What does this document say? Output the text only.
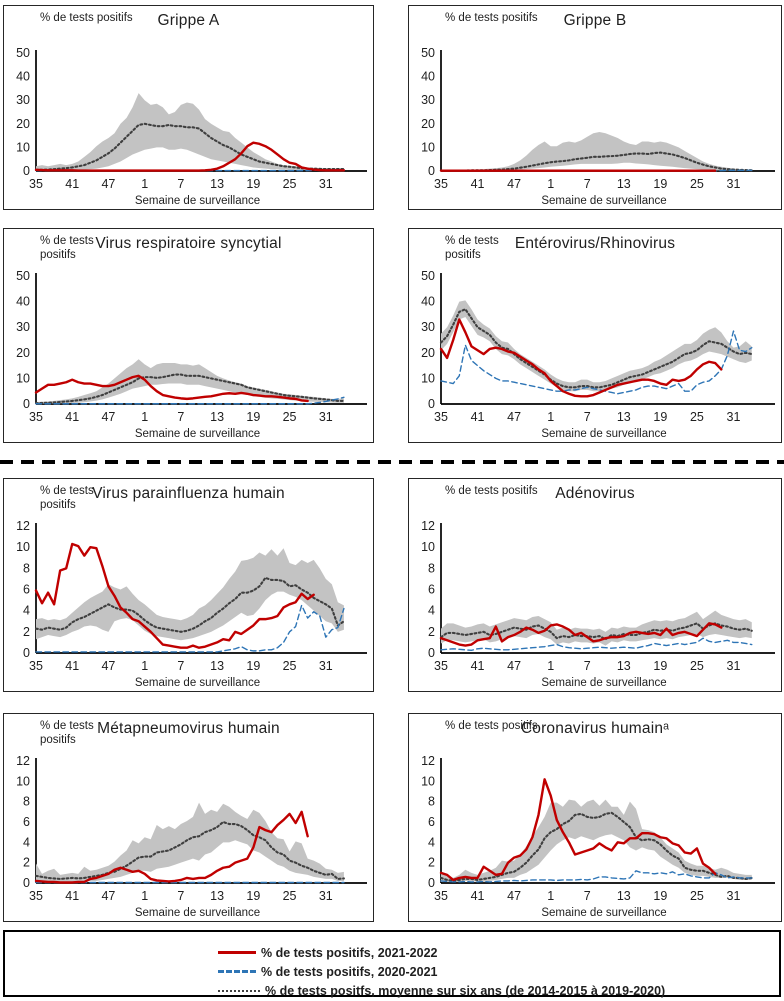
% de tests positifs	Grippe A
0
10
20
30
40
50
35 41 47 1 7 13 19 25 31
Semaine de surveillance
% de tests positifs	Grippe B
0
10
20
30
40
50
35 41 47 1 7 13 19 25 31
Semaine de surveillance
% de tests positifs
Virus respiratoire syncytial
0
10
20
30
40
50
35 41 47 1 7 13 19 25 31
Semaine de surveillance
% de tests positifs
Entérovirus/Rhinovirus
0
10
20
30
40
50
35 41 47 1 7 13 19 25 31
Semaine de surveillance
% de tests positifs
Virus parainfluenza humain
0
2
4
6
8
10
12
35 41 47 1 7 13 19 25 31
Semaine de surveillance
% de tests positifs	Adénovirus
0
2
4
6
8
10
12
35 41 47 1 7 13 19 25 31
Semaine de surveillance
% de tests positifs
Métapneumovirus humain
0
2
4
6
8
10
12
35 41 47 1 7 13 19 25 31
Semaine de surveillance
% de tests positifs
Coronavirus humainᵃ
0
2
4
6
8
10
12
35 41 47 1 7 13 19 25 31
Semaine de surveillance
% de tests positifs, 2021-2022
% de tests positifs, 2020-2021
% de tests positfs, moyenne sur six ans (de 2014-2015 à 2019-2020)
